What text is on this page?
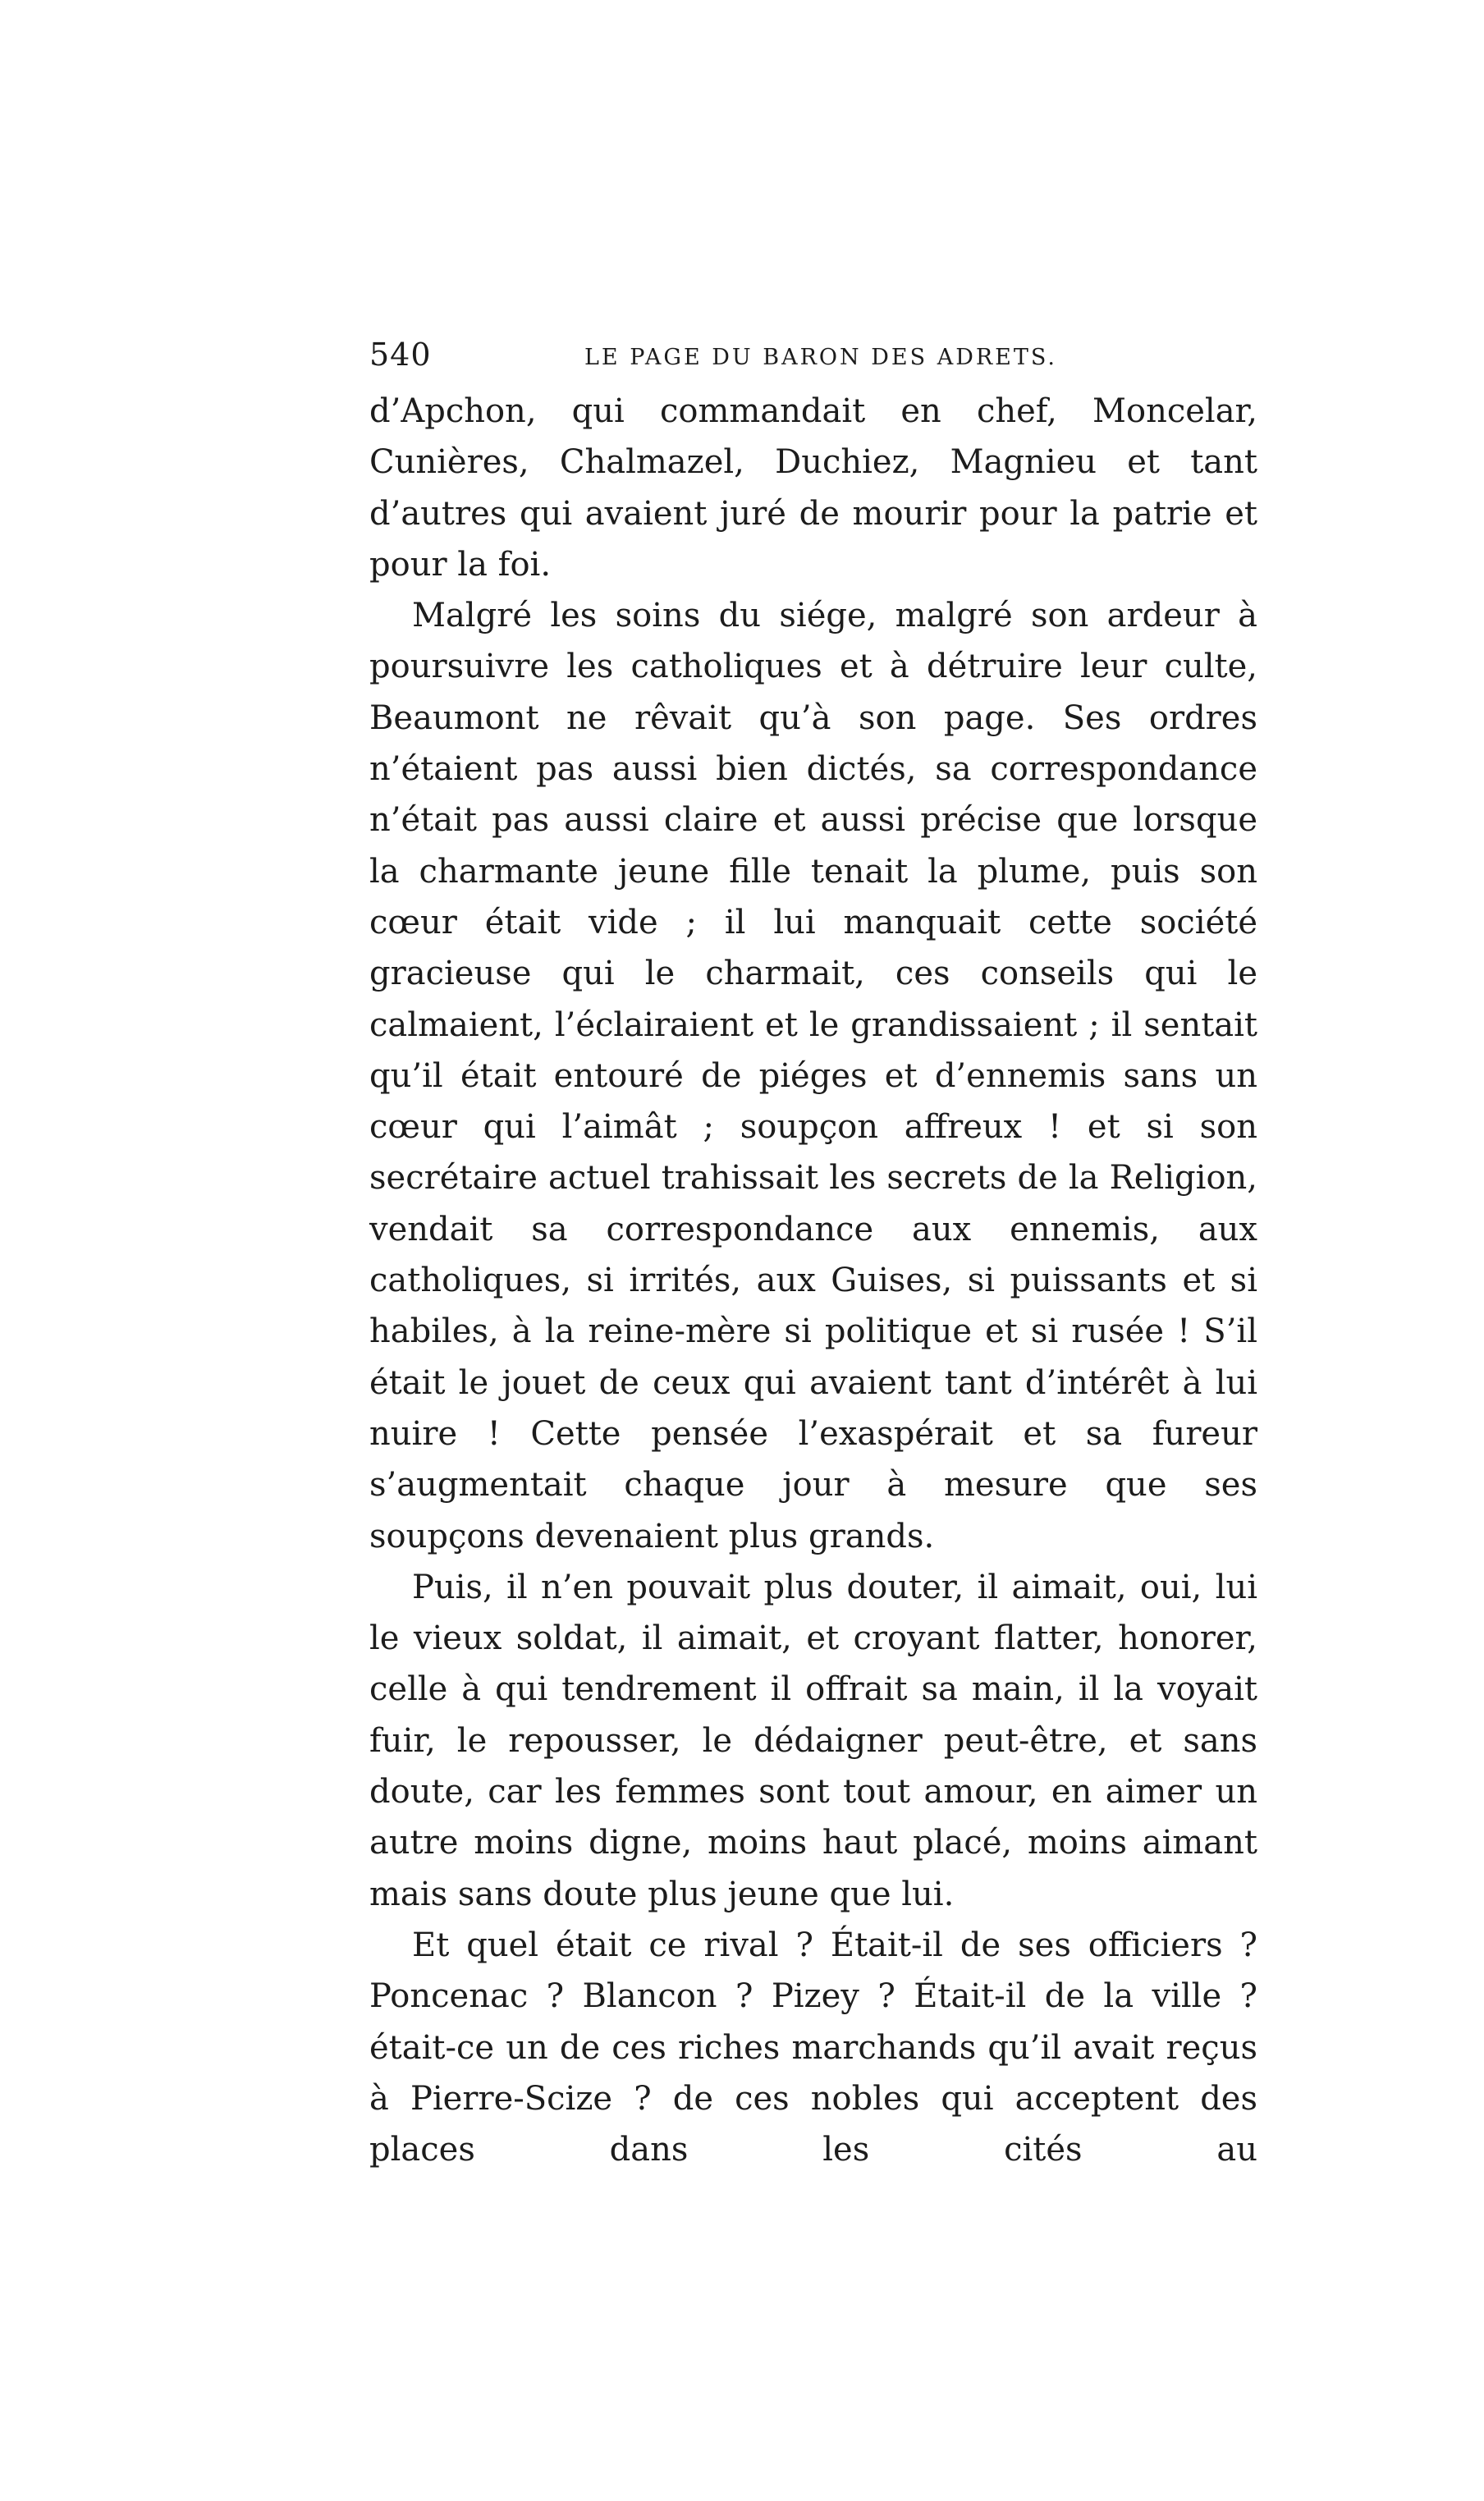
540	LE PAGE DU BARON DES ADRETS.

d’Apchon, qui commandait en chef, Moncelar, Cunières, Chalmazel, Duchiez, Magnieu et tant d’autres qui avaient juré de mourir pour la patrie et pour la foi.

Malgré les soins du siége, malgré son ardeur à poursuivre les catholiques et à détruire leur culte, Beaumont ne rêvait qu’à son page. Ses ordres n’étaient pas aussi bien dictés, sa correspondance n’était pas aussi claire et aussi précise que lorsque la charmante jeune fille tenait la plume, puis son cœur était vide ; il lui manquait cette société gracieuse qui le charmait, ces conseils qui le calmaient, l’éclairaient et le grandissaient ; il sentait qu’il était entouré de piéges et d’ennemis sans un cœur qui l’aimât ; soupçon affreux ! et si son secrétaire actuel trahissait les secrets de la Religion, vendait sa correspondance aux ennemis, aux catholiques, si irrités, aux Guises, si puissants et si habiles, à la reine-mère si politique et si rusée ! S’il était le jouet de ceux qui avaient tant d’intérêt à lui nuire ! Cette pensée l’exaspérait et sa fureur s’augmentait chaque jour à mesure que ses soupçons devenaient plus grands.

Puis, il n’en pouvait plus douter, il aimait, oui, lui le vieux soldat, il aimait, et croyant flatter, honorer, celle à qui tendrement il offrait sa main, il la voyait fuir, le repousser, le dédaigner peut-être, et sans doute, car les femmes sont tout amour, en aimer un autre moins digne, moins haut placé, moins aimant mais sans doute plus jeune que lui.

Et quel était ce rival ? Était-il de ses officiers ? Poncenac ? Blancon ? Pizey ? Était-il de la ville ? était-ce un de ces riches marchands qu’il avait reçus à Pierre-Scize ? de ces nobles qui acceptent des places dans les cités au
